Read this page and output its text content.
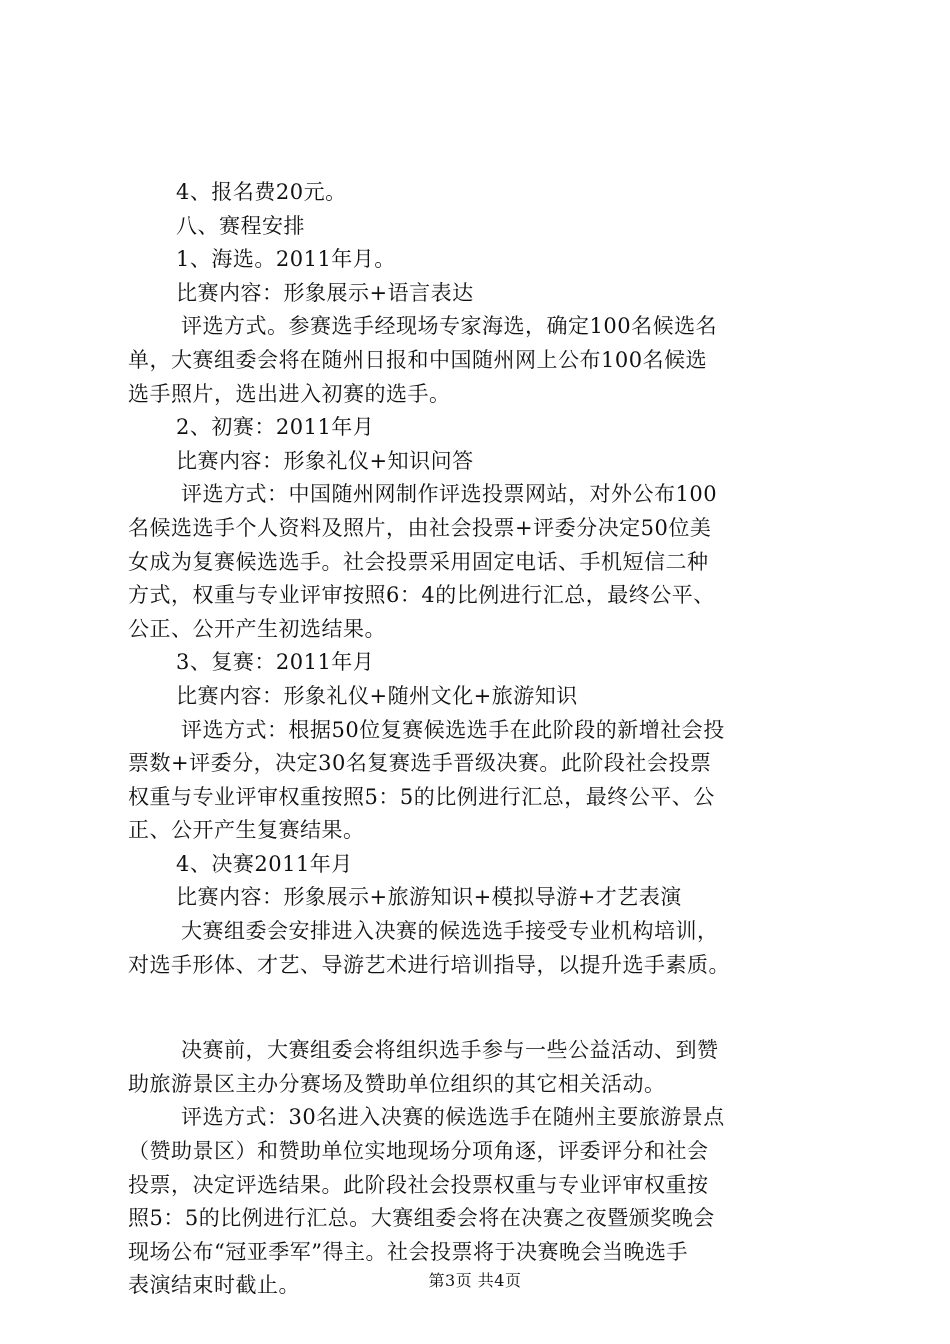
4、报名费20元。

八、赛程安排

1、海选。2011年月。

比赛内容：形象展示+语言表达

评选方式。参赛选手经现场专家海选，确定100名候选名

单，大赛组委会将在随州日报和中国随州网上公布100名候选

选手照片，选出进入初赛的选手。

2、初赛：2011年月

比赛内容：形象礼仪+知识问答

评选方式：中国随州网制作评选投票网站，对外公布100

名候选选手个人资料及照片，由社会投票+评委分决定50位美

女成为复赛候选选手。社会投票采用固定电话、手机短信二种

方式，权重与专业评审按照6：4的比例进行汇总，最终公平、

公正、公开产生初选结果。

3、复赛：2011年月

比赛内容：形象礼仪+随州文化+旅游知识

评选方式：根据50位复赛候选选手在此阶段的新增社会投

票数+评委分，决定30名复赛选手晋级决赛。此阶段社会投票

权重与专业评审权重按照5：5的比例进行汇总，最终公平、公

正、公开产生复赛结果。

4、决赛2011年月

比赛内容：形象展示+旅游知识+模拟导游+才艺表演

大赛组委会安排进入决赛的候选选手接受专业机构培训，

对选手形体、才艺、导游艺术进行培训指导，以提升选手素质。

决赛前，大赛组委会将组织选手参与一些公益活动、到赞

助旅游景区主办分赛场及赞助单位组织的其它相关活动。

评选方式：30名进入决赛的候选选手在随州主要旅游景点

（赞助景区）和赞助单位实地现场分项角逐，评委评分和社会

投票，决定评选结果。此阶段社会投票权重与专业评审权重按

照5：5的比例进行汇总。大赛组委会将在决赛之夜暨颁奖晚会

现场公布“冠亚季军”得主。社会投票将于决赛晚会当晚选手

表演结束时截止。	第3页 共4页
